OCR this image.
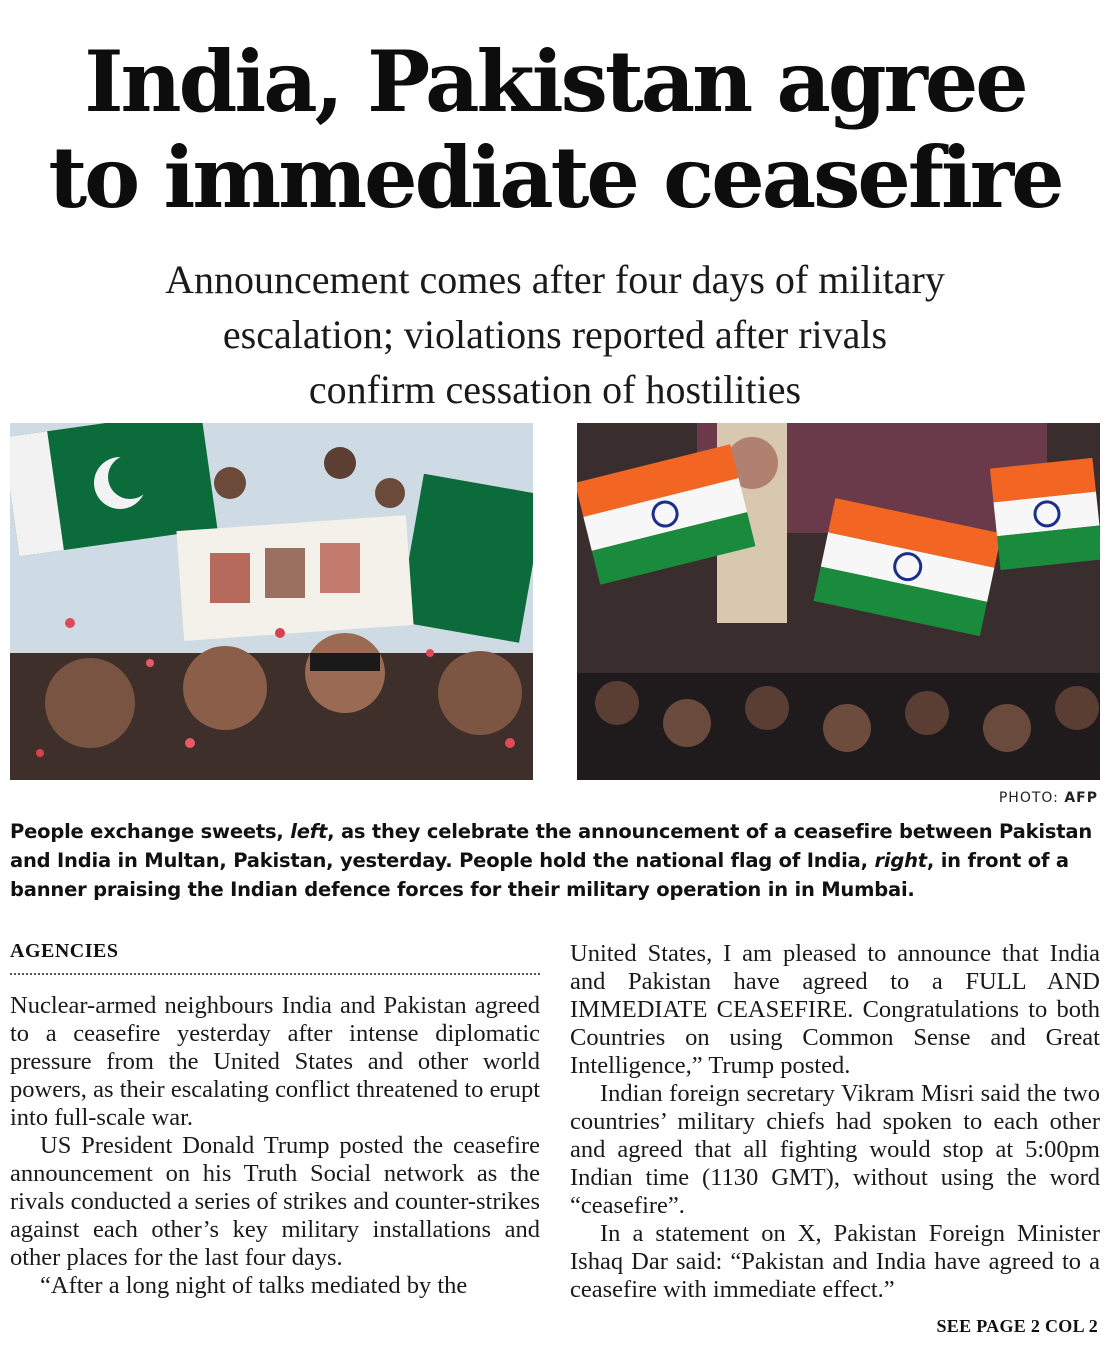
India, Pakistan agree
to immediate ceasefire
Announcement comes after four days of military
escalation; violations reported after rivals
confirm cessation of hostilities
PHOTO: AFP

People exchange sweets, left, as they celebrate the announcement of a ceasefire between Pakistan and India in Multan, Pakistan, yesterday. People hold the national flag of India, right, in front of a banner praising the Indian defence forces for their military operation in in Mumbai.

AGENCIES

Nuclear-armed neighbours India and Pakistan agreed to a ceasefire yesterday after intense diplomatic pressure from the United States and other world powers, as their escalating conflict threatened to erupt into full-scale war.

US President Donald Trump posted the ceasefire announcement on his Truth Social network as the rivals conducted a series of strikes and counter-strikes against each other’s key military installations and other places for the last four days.

“After a long night of talks mediated by the

United States, I am pleased to announce that India and Pakistan have agreed to a FULL AND IMMEDIATE CEASEFIRE. Congratulations to both Countries on using Common Sense and Great Intelligence,” Trump posted.

Indian foreign secretary Vikram Misri said the two countries’ military chiefs had spoken to each other and agreed that all fighting would stop at 5:00pm Indian time (1130 GMT), without using the word “ceasefire”.

In a statement on X, Pakistan Foreign Minister Ishaq Dar said: “Pakistan and India have agreed to a ceasefire with immediate effect.”

SEE PAGE 2 COL 2
